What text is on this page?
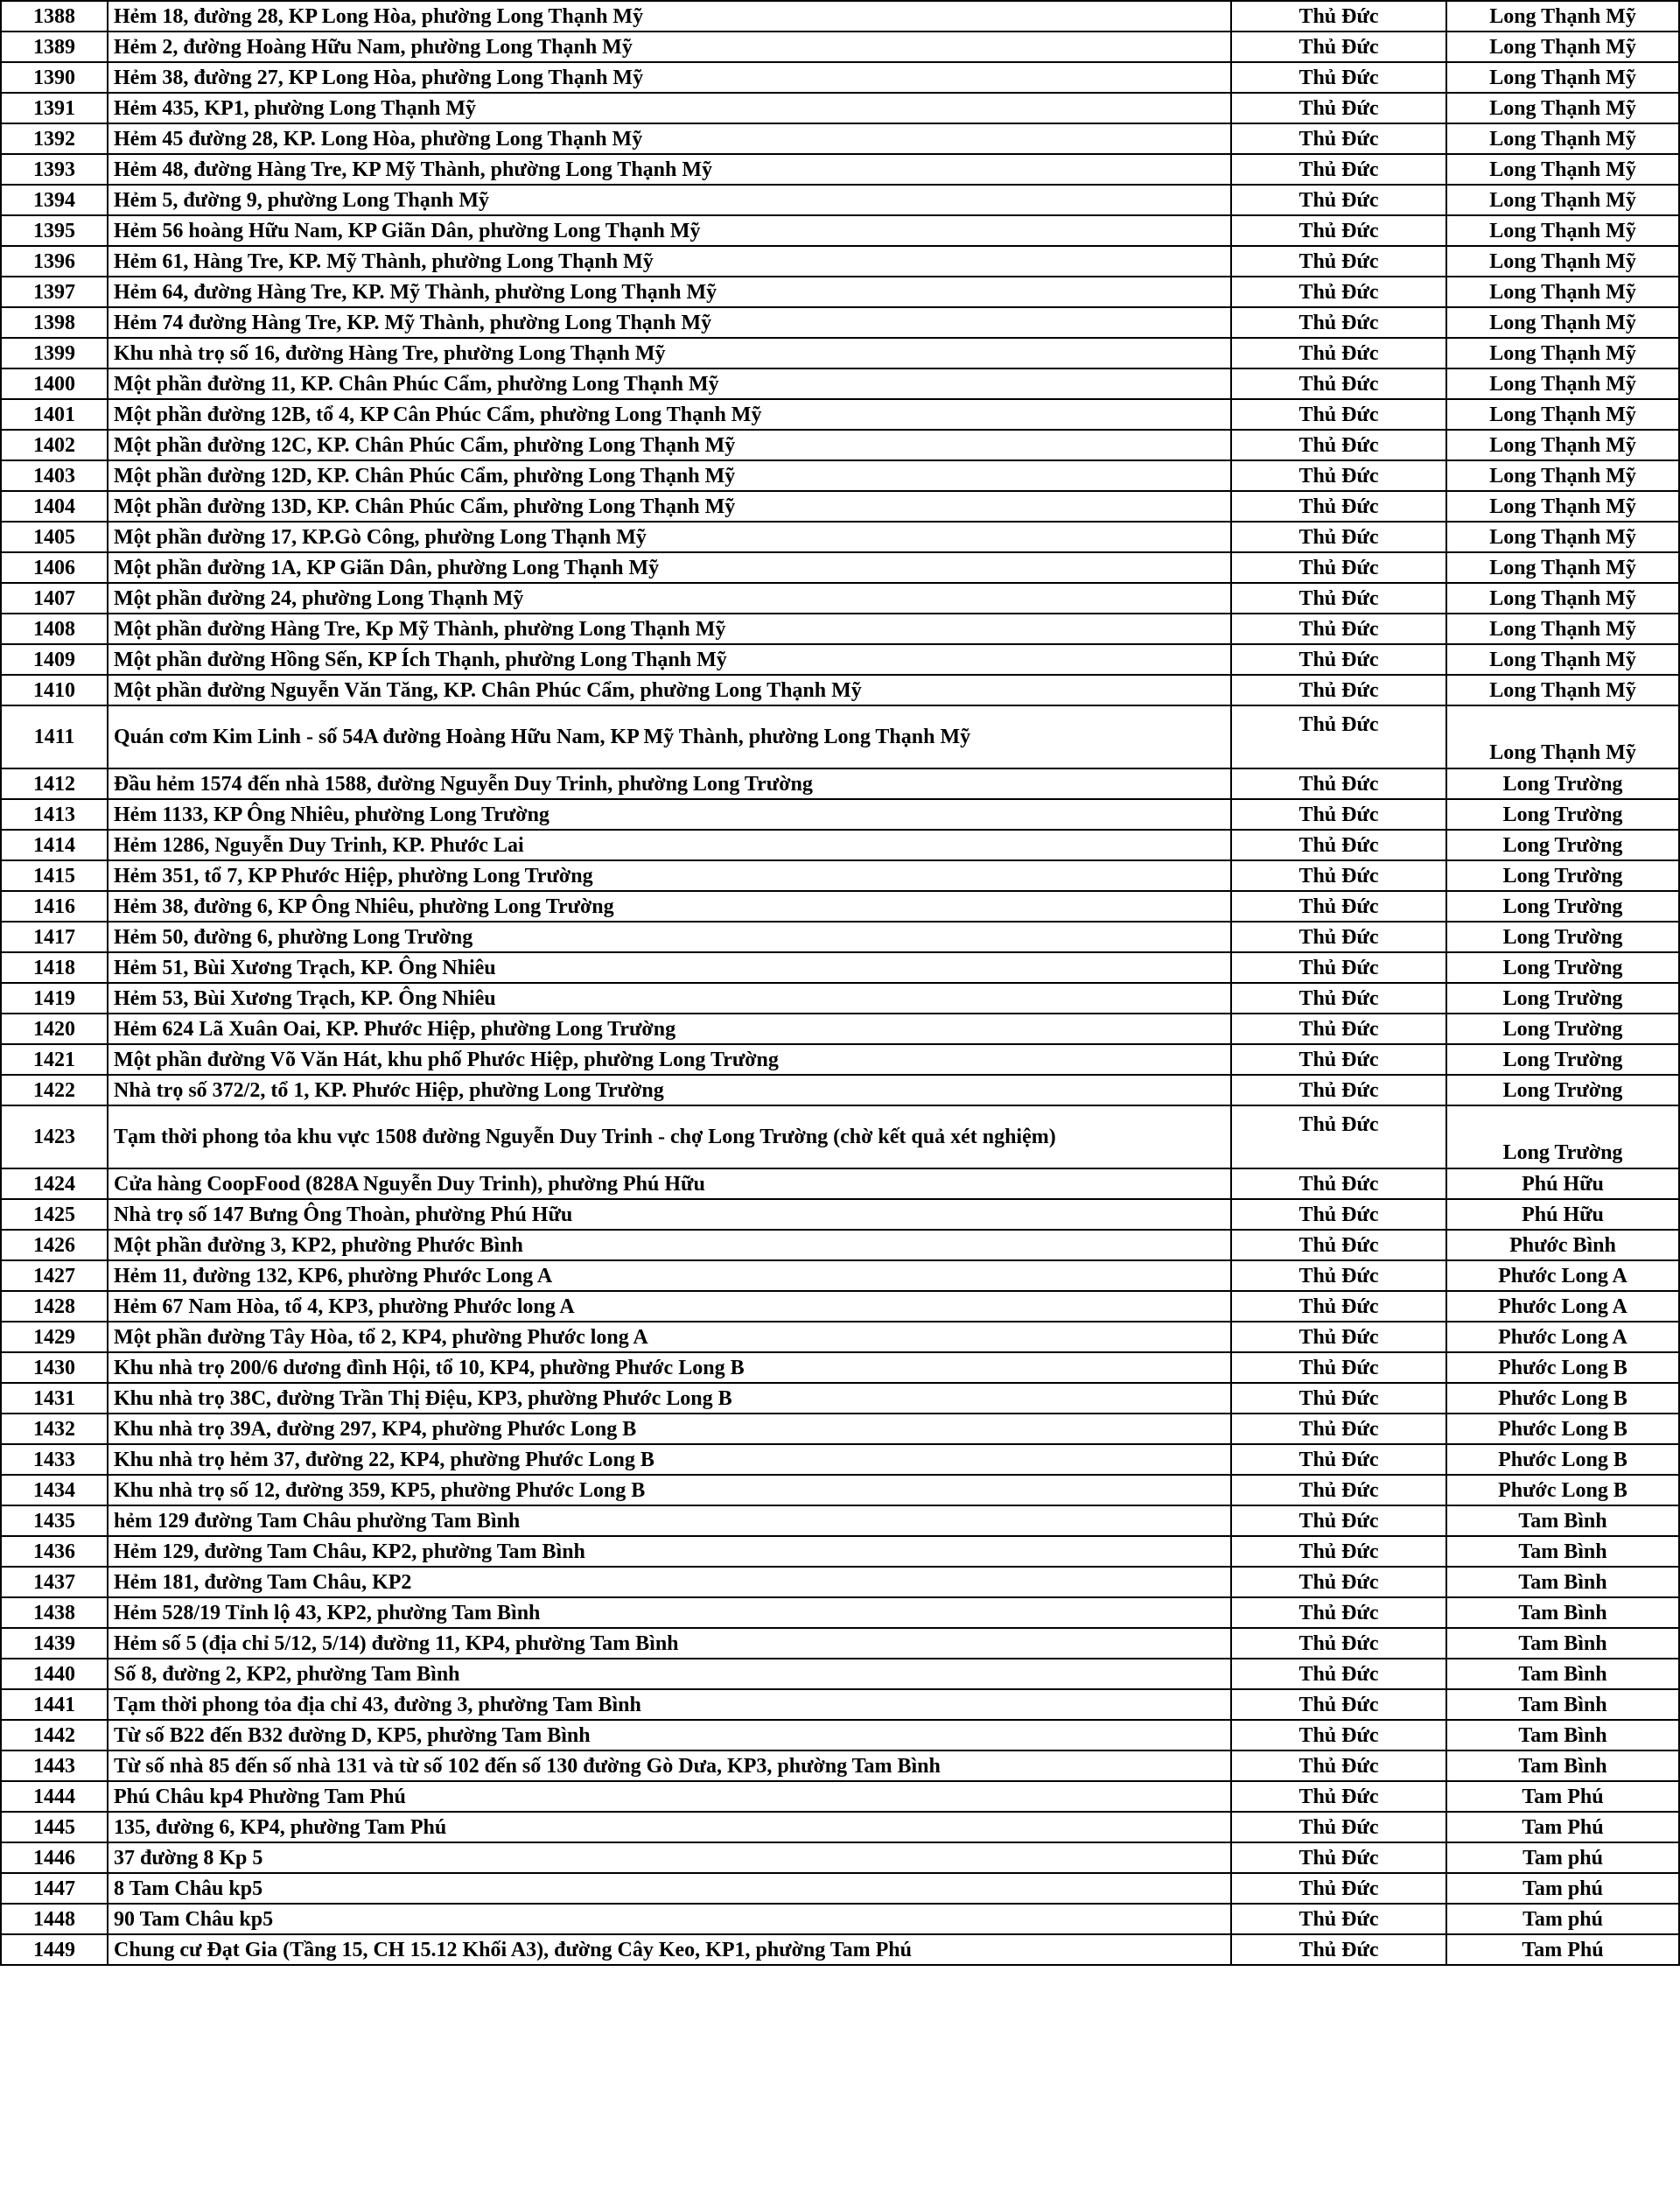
1388	Hẻm 18, đường 28, KP Long Hòa, phường Long Thạnh Mỹ	Thủ Đức	Long Thạnh Mỹ
1389	Hẻm 2, đường Hoàng Hữu Nam, phường Long Thạnh Mỹ	Thủ Đức	Long Thạnh Mỹ
1390	Hẻm 38, đường 27, KP Long Hòa, phường Long Thạnh Mỹ	Thủ Đức	Long Thạnh Mỹ
1391	Hẻm 435, KP1, phường Long Thạnh Mỹ	Thủ Đức	Long Thạnh Mỹ
1392	Hẻm 45 đường 28, KP. Long Hòa, phường Long Thạnh Mỹ	Thủ Đức	Long Thạnh Mỹ
1393	Hẻm 48, đường Hàng Tre, KP Mỹ Thành, phường Long Thạnh Mỹ	Thủ Đức	Long Thạnh Mỹ
1394	Hẻm 5, đường 9, phường Long Thạnh Mỹ	Thủ Đức	Long Thạnh Mỹ
1395	Hẻm 56 hoàng Hữu Nam, KP Giãn Dân, phường Long Thạnh Mỹ	Thủ Đức	Long Thạnh Mỹ
1396	Hẻm 61, Hàng Tre, KP. Mỹ Thành, phường Long Thạnh Mỹ	Thủ Đức	Long Thạnh Mỹ
1397	Hẻm 64, đường Hàng Tre, KP. Mỹ Thành, phường Long Thạnh Mỹ	Thủ Đức	Long Thạnh Mỹ
1398	Hẻm 74 đường Hàng Tre, KP. Mỹ Thành, phường Long Thạnh Mỹ	Thủ Đức	Long Thạnh Mỹ
1399	Khu nhà trọ số 16, đường Hàng Tre, phường Long Thạnh Mỹ	Thủ Đức	Long Thạnh Mỹ
1400	Một phần đường 11, KP. Chân Phúc Cẩm, phường Long Thạnh Mỹ	Thủ Đức	Long Thạnh Mỹ
1401	Một phần đường 12B, tổ 4, KP Cân Phúc Cẩm, phường Long Thạnh Mỹ	Thủ Đức	Long Thạnh Mỹ
1402	Một phần đường 12C, KP. Chân Phúc Cẩm, phường Long Thạnh Mỹ	Thủ Đức	Long Thạnh Mỹ
1403	Một phần đường 12D, KP. Chân Phúc Cẩm, phường Long Thạnh Mỹ	Thủ Đức	Long Thạnh Mỹ
1404	Một phần đường 13D, KP. Chân Phúc Cẩm, phường Long Thạnh Mỹ	Thủ Đức	Long Thạnh Mỹ
1405	Một phần đường 17, KP.Gò Công, phường Long Thạnh Mỹ	Thủ Đức	Long Thạnh Mỹ
1406	Một phần đường 1A, KP Giãn Dân, phường Long Thạnh Mỹ	Thủ Đức	Long Thạnh Mỹ
1407	Một phần đường 24, phường Long Thạnh Mỹ	Thủ Đức	Long Thạnh Mỹ
1408	Một phần đường Hàng Tre, Kp Mỹ Thành, phường Long Thạnh Mỹ	Thủ Đức	Long Thạnh Mỹ
1409	Một phần đường Hồng Sến, KP Ích Thạnh, phường Long Thạnh Mỹ	Thủ Đức	Long Thạnh Mỹ
1410	Một phần đường Nguyễn Văn Tăng, KP. Chân Phúc Cẩm, phường Long Thạnh Mỹ	Thủ Đức	Long Thạnh Mỹ
1411	Quán cơm Kim Linh - số 54A đường Hoàng Hữu Nam, KP Mỹ Thành, phường Long Thạnh Mỹ	Thủ Đức	Long Thạnh Mỹ
1412	Đầu hẻm 1574 đến nhà 1588, đường Nguyễn Duy Trinh, phường Long Trường	Thủ Đức	Long Trường
1413	Hẻm 1133, KP Ông Nhiêu, phường Long Trường	Thủ Đức	Long Trường
1414	Hẻm 1286, Nguyễn Duy Trinh, KP. Phước Lai	Thủ Đức	Long Trường
1415	Hẻm 351, tổ 7, KP Phước Hiệp, phường Long Trường	Thủ Đức	Long Trường
1416	Hẻm 38, đường 6, KP Ông Nhiêu, phường Long Trường	Thủ Đức	Long Trường
1417	Hẻm 50, đường 6, phường Long Trường	Thủ Đức	Long Trường
1418	Hẻm 51, Bùi Xương Trạch, KP. Ông Nhiêu	Thủ Đức	Long Trường
1419	Hẻm 53, Bùi Xương Trạch, KP. Ông Nhiêu	Thủ Đức	Long Trường
1420	Hẻm 624 Lã Xuân Oai, KP. Phước Hiệp, phường Long Trường	Thủ Đức	Long Trường
1421	Một phần đường Võ Văn Hát, khu phố Phước Hiệp, phường Long Trường	Thủ Đức	Long Trường
1422	Nhà trọ số 372/2, tổ 1, KP. Phước Hiệp, phường Long Trường	Thủ Đức	Long Trường
1423	Tạm thời phong tỏa khu vực 1508 đường Nguyễn Duy Trinh - chợ Long Trường (chờ kết quả xét nghiệm)	Thủ Đức	Long Trường
1424	Cửa hàng CoopFood (828A Nguyễn Duy Trinh), phường Phú Hữu	Thủ Đức	Phú Hữu
1425	Nhà trọ số 147 Bưng Ông Thoàn, phường Phú Hữu	Thủ Đức	Phú Hữu
1426	Một phần đường 3, KP2, phường Phước Bình	Thủ Đức	Phước Bình
1427	Hẻm 11, đường 132, KP6, phường Phước Long A	Thủ Đức	Phước Long A
1428	Hẻm 67 Nam Hòa, tổ 4, KP3, phường Phước long A	Thủ Đức	Phước Long A
1429	Một phần đường Tây Hòa, tổ 2, KP4, phường Phước long A	Thủ Đức	Phước Long A
1430	Khu nhà trọ 200/6 dương đình Hội, tổ 10, KP4, phường Phước Long B	Thủ Đức	Phước Long B
1431	Khu nhà trọ 38C, đường Trần Thị Điệu, KP3, phường Phước Long B	Thủ Đức	Phước Long B
1432	Khu nhà trọ 39A, đường 297, KP4, phường Phước Long B	Thủ Đức	Phước Long B
1433	Khu nhà trọ hẻm 37, đường 22, KP4, phường Phước Long B	Thủ Đức	Phước Long B
1434	Khu nhà trọ số 12, đường 359, KP5, phường Phước Long B	Thủ Đức	Phước Long B
1435	hẻm 129 đường Tam Châu phường Tam Bình	Thủ Đức	Tam Bình
1436	Hẻm 129, đường Tam Châu, KP2, phường Tam Bình	Thủ Đức	Tam Bình
1437	Hẻm 181, đường Tam Châu, KP2	Thủ Đức	Tam Bình
1438	Hẻm 528/19 Tỉnh lộ 43, KP2, phường Tam Bình	Thủ Đức	Tam Bình
1439	Hẻm số 5 (địa chỉ 5/12, 5/14) đường 11, KP4, phường Tam Bình	Thủ Đức	Tam Bình
1440	Số 8, đường 2, KP2, phường Tam Bình	Thủ Đức	Tam Bình
1441	Tạm thời phong tỏa địa chỉ 43, đường 3, phường Tam Bình	Thủ Đức	Tam Bình
1442	Từ số B22 đến B32 đường D, KP5, phường Tam Bình	Thủ Đức	Tam Bình
1443	Từ số nhà 85 đến số nhà 131 và từ số 102 đến số 130 đường Gò Dưa, KP3, phường Tam Bình	Thủ Đức	Tam Bình
1444	Phú Châu kp4 Phường Tam Phú	Thủ Đức	Tam Phú
1445	135, đường 6, KP4, phường Tam Phú	Thủ Đức	Tam Phú
1446	37 đường 8 Kp 5	Thủ Đức	Tam phú
1447	8 Tam Châu kp5	Thủ Đức	Tam phú
1448	90 Tam Châu kp5	Thủ Đức	Tam phú
1449	Chung cư Đạt Gia (Tầng 15, CH 15.12 Khối A3), đường Cây Keo, KP1, phường Tam Phú	Thủ Đức	Tam Phú
